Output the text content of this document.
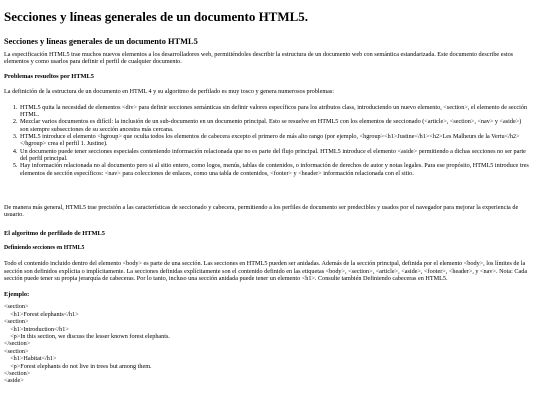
Secciones y líneas generales de un documento HTML5.
Secciones y líneas generales de un documento HTML5

La especificación HTML5 trae muchos nuevos elementos a los desarrolladores web, permitiéndoles describir la estructura de un documento web con semántica estandarizada. Este documento describe estos elementos y como usarlos para definir el perfil de cualquier documento.

Problemas resueltos por HTML5

La definición de la estructura de un documento en HTML 4 y su algoritmo de perfilado es muy tosco y genera numerosos problemas:

1. HTML5 quita la necesidad de elementos <div> para definir secciones semánticas sin definir valores específicos para los atributos class, introduciendo un nuevo elemento, <section>, el elemento de sección HTML.
2. Mezclar varios documentos es difícil: la inclusión de un sub-documento en un documento principal. Esto se resuelve en HTML5 con los elementos de seccionado (<article>, <section>, <nav> y <aside>) son siempre subsecciones de su sección ancestra más cercana.
3. HTML5 introduce el elemento <hgroup> que oculta todos los elementos de cabecera excepto el primero de más alto rango (por ejemplo, <hgroup><h1>Justine</h1><h2>Les Malheurs de la Vertu</h2></hgroup> crea el perfil 1. Justine).
4. Un documento puede tener secciones especiales conteniendo información relacionada que no es parte del flujo principal. HTML5 introduce el elemento <aside> permitiendo a dichas secciones no ser parte del perfil principal.
5. Hay información relacionada no al documento pero si al sitio entero, como logos, menús, tablas de contenidos, o información de derechos de autor y notas legales. Para ese propósito, HTML5 introduce tres elementos de sección específicos: <nav> para colecciones de enlaces, como una tabla de contenidos, <footer> y <header> información relacionada con el sitio.

De manera más general, HTML5 trae precisión a las características de seccionado y cabecera, permitiendo a los perfiles de documento ser predecibles y usados por el navegador para mejorar la experiencia de usuario.

El algoritmo de perfilado de HTML5
Definiendo secciones en HTML5

Todo el contenido incluido dentro del elemento <body> es parte de una sección. Las secciones en HTML5 pueden ser anidadas. Además de la sección principal, definida por el elemento <body>, los límites de la sección son definidos explícita o implícitamente. La secciones definidas explícitamente son el contenido definido en las etiquetas <body>, <section>, <article>, <aside>, <footer>, <header>, y <nav>. Nota: Cada sección puede tener su propia jerarquía de cabeceras. Por lo tanto, incluso una sección anidada puede tener un elemento <h1>. Consulte también Definiendo cabeceras en HTML5.

Ejemplo:
<section>
<h1>Forest elephants</h1>
<section>
<h1>Introduction</h1>
<p>In this section, we discuss the lesser known forest elephants.
</section>
<section>
<h1>Habitat</h1>
<p>Forest elephants do not live in trees but among them.
</section>
<aside>
